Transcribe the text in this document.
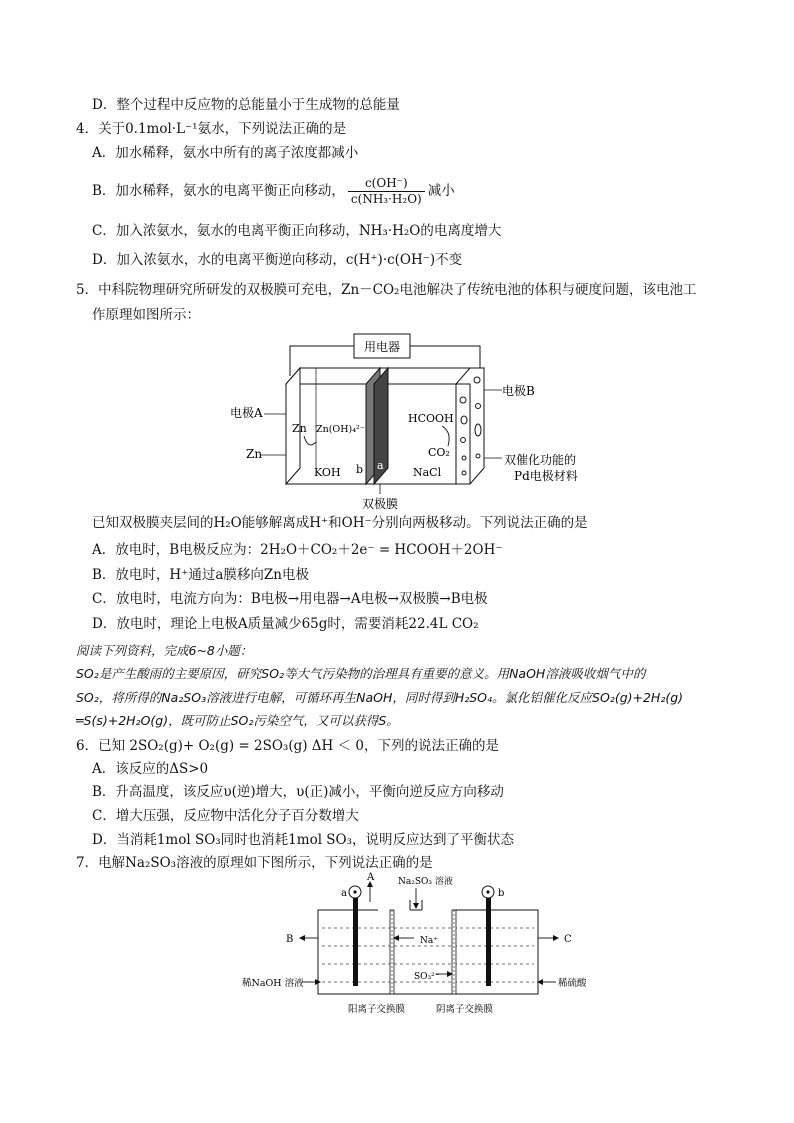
D．整个过程中反应物的总能量小于生成物的总能量
4．关于0.1mol·L⁻¹氨水，下列说法正确的是
A．加水稀释，氨水中所有的离子浓度都减小
B．加水稀释，氨水的电离平衡正向移动， $\frac{c(OH^-)}{\text{c(NH₃·H₂O)}}$ 减小
C．加入浓氨水，氨水的电离平衡正向移动，NH₃·H₂O的电离度增大
D．加入浓氨水，水的电离平衡逆向移动，c(H⁺)·c(OH⁻)不变
5．中科院物理研究所研发的双极膜可充电，Zn－CO₂电池解决了传统电池的体积与硬度问题，该电池工
作原理如图所示：
用电器
电极A
电极B
Zn
Zn Zn(OH)₄²⁻
KOH b a
HCOOH
CO₂
NaCl
双极膜
双催化功能的
Pd电极材料
已知双极膜夹层间的H₂O能够解离成H⁺和OH⁻分别向两极移动。下列说法正确的是
A．放电时，B电极反应为：2H₂O＋CO₂＋2e⁻ = HCOOH＋2OH⁻
B．放电时，H⁺通过a膜移向Zn电极
C．放电时，电流方向为：B电极→用电器→A电极→双极膜→B电极
D．放电时，理论上电极A质量减少65g时，需要消耗22.4L CO₂
阅读下列资料，完成6~8小题：
SO₂是产生酸雨的主要原因，研究SO₂等大气污染物的治理具有重要的意义。用NaOH溶液吸收烟气中的
SO₂，将所得的Na₂SO₃溶液进行电解，可循环再生NaOH，同时得到H₂SO₄。氯化铝催化反应SO₂(g)+2H₂(g)
═S(s)+2H₂O(g)，既可防止SO₂污染空气，又可以获得S。
6．已知 2SO₂(g)+ O₂(g) = 2SO₃(g) ΔH ＜ 0，下列的说法正确的是
A．该反应的ΔS>0
B．升高温度，该反应υ(逆)增大，υ(正)减小，平衡向逆反应方向移动
C．增大压强，反应物中活化分子百分数增大
D．当消耗1mol SO₃同时也消耗1mol SO₃，说明反应达到了平衡状态
7．电解Na₂SO₃溶液的原理如下图所示，下列说法正确的是
a	b
A	Na₂SO₃ 溶液
B	C
Na⁺
SO₃²⁻
稀NaOH 溶液	稀硫酸
阳离子交换膜	阴离子交换膜
